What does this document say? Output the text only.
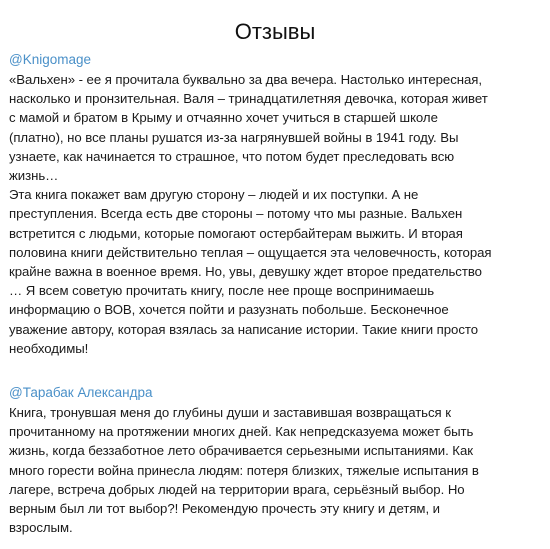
Отзывы
@Knigomage

«Вальхен» - ее я прочитала буквально за два вечера. Настолько интересная,
насколько и пронзительная. Валя – тринадцатилетняя девочка, которая живет
с мамой и братом в Крыму и отчаянно хочет учиться в старшей школе
(платно), но все планы рушатся из-за нагрянувшей войны в 1941 году. Вы
узнаете, как начинается то страшное, что потом будет преследовать всю
жизнь…
Эта книга покажет вам другую сторону – людей и их поступки. А не
преступления. Всегда есть две стороны – потому что мы разные. Вальхен
встретится с людьми, которые помогают остербайтерам выжить. И вторая
половина книги действительно теплая – ощущается эта человечность, которая
крайне важна в военное время. Но, увы, девушку ждет второе предательство
… Я всем советую прочитать книгу, после нее проще воспринимаешь
информацию о ВОВ, хочется пойти и разузнать побольше. Бесконечное
уважение автору, которая взялась за написание истории. Такие книги просто
необходимы!

@Тарабак Александра

Книга, тронувшая меня до глубины души и заставившая возвращаться к
прочитанному на протяжении многих дней. Как непредсказуема может быть
жизнь, когда беззаботное лето обрачивается серьезными испытаниями. Как
много горести война принесла людям: потеря близких, тяжелые испытания в
лагере, встреча добрых людей на территории врага, серьёзный выбор. Но
верным был ли тот выбор?! Рекомендую прочесть эту книгу и детям, и
взрослым.
